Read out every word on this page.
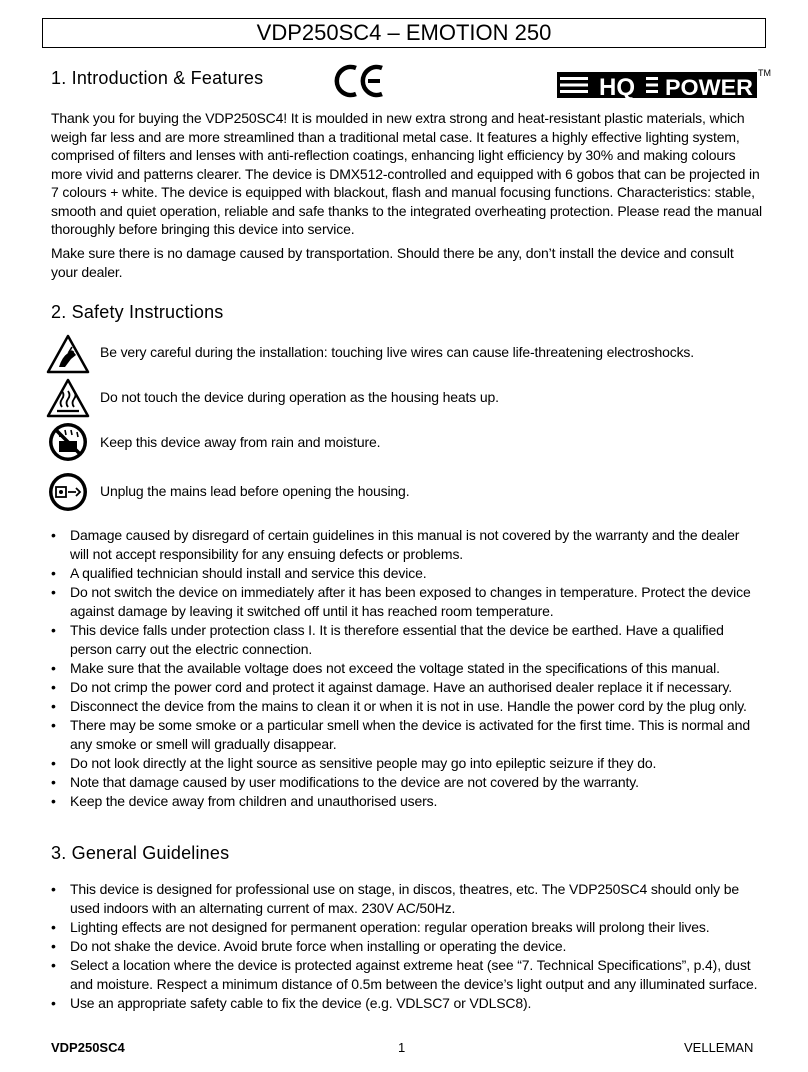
VDP250SC4 – EMOTION 250
1. Introduction & Features	HQ POWER
TM
Thank you for buying the VDP250SC4! It is moulded in new extra strong and heat-resistant plastic materials, which weigh far less and are more streamlined than a traditional metal case. It features a highly effective lighting system, comprised of filters and lenses with anti-reflection coatings, enhancing light efficiency by 30% and making colours more vivid and patterns clearer. The device is DMX512-controlled and equipped with 6 gobos that can be projected in 7 colours + white. The device is equipped with blackout, flash and manual focusing functions. Characteristics: stable, smooth and quiet operation, reliable and safe thanks to the integrated overheating protection. Please read the manual thoroughly before bringing this device into service.
Make sure there is no damage caused by transportation. Should there be any, don’t install the device and consult your dealer.
2. Safety Instructions
Be very careful during the installation: touching live wires can cause life-threatening electroshocks.
Do not touch the device during operation as the housing heats up.
Keep this device away from rain and moisture.
Unplug the mains lead before opening the housing.
• Damage caused by disregard of certain guidelines in this manual is not covered by the warranty and the dealer will not accept responsibility for any ensuing defects or problems.
• A qualified technician should install and service this device.
• Do not switch the device on immediately after it has been exposed to changes in temperature. Protect the device against damage by leaving it switched off until it has reached room temperature.
• This device falls under protection class I. It is therefore essential that the device be earthed. Have a qualified person carry out the electric connection.
• Make sure that the available voltage does not exceed the voltage stated in the specifications of this manual.
• Do not crimp the power cord and protect it against damage. Have an authorised dealer replace it if necessary.
• Disconnect the device from the mains to clean it or when it is not in use. Handle the power cord by the plug only.
• There may be some smoke or a particular smell when the device is activated for the first time. This is normal and any smoke or smell will gradually disappear.
• Do not look directly at the light source as sensitive people may go into epileptic seizure if they do.
• Note that damage caused by user modifications to the device are not covered by the warranty.
• Keep the device away from children and unauthorised users.
3. General Guidelines
• This device is designed for professional use on stage, in discos, theatres, etc. The VDP250SC4 should only be used indoors with an alternating current of max. 230V AC/50Hz.
• Lighting effects are not designed for permanent operation: regular operation breaks will prolong their lives.
• Do not shake the device. Avoid brute force when installing or operating the device.
• Select a location where the device is protected against extreme heat (see “7. Technical Specifications”, p.4), dust and moisture. Respect a minimum distance of 0.5m between the device’s light output and any illuminated surface.
• Use an appropriate safety cable to fix the device (e.g. VDLSC7 or VDLSC8).
VDP250SC4	1	VELLEMAN
